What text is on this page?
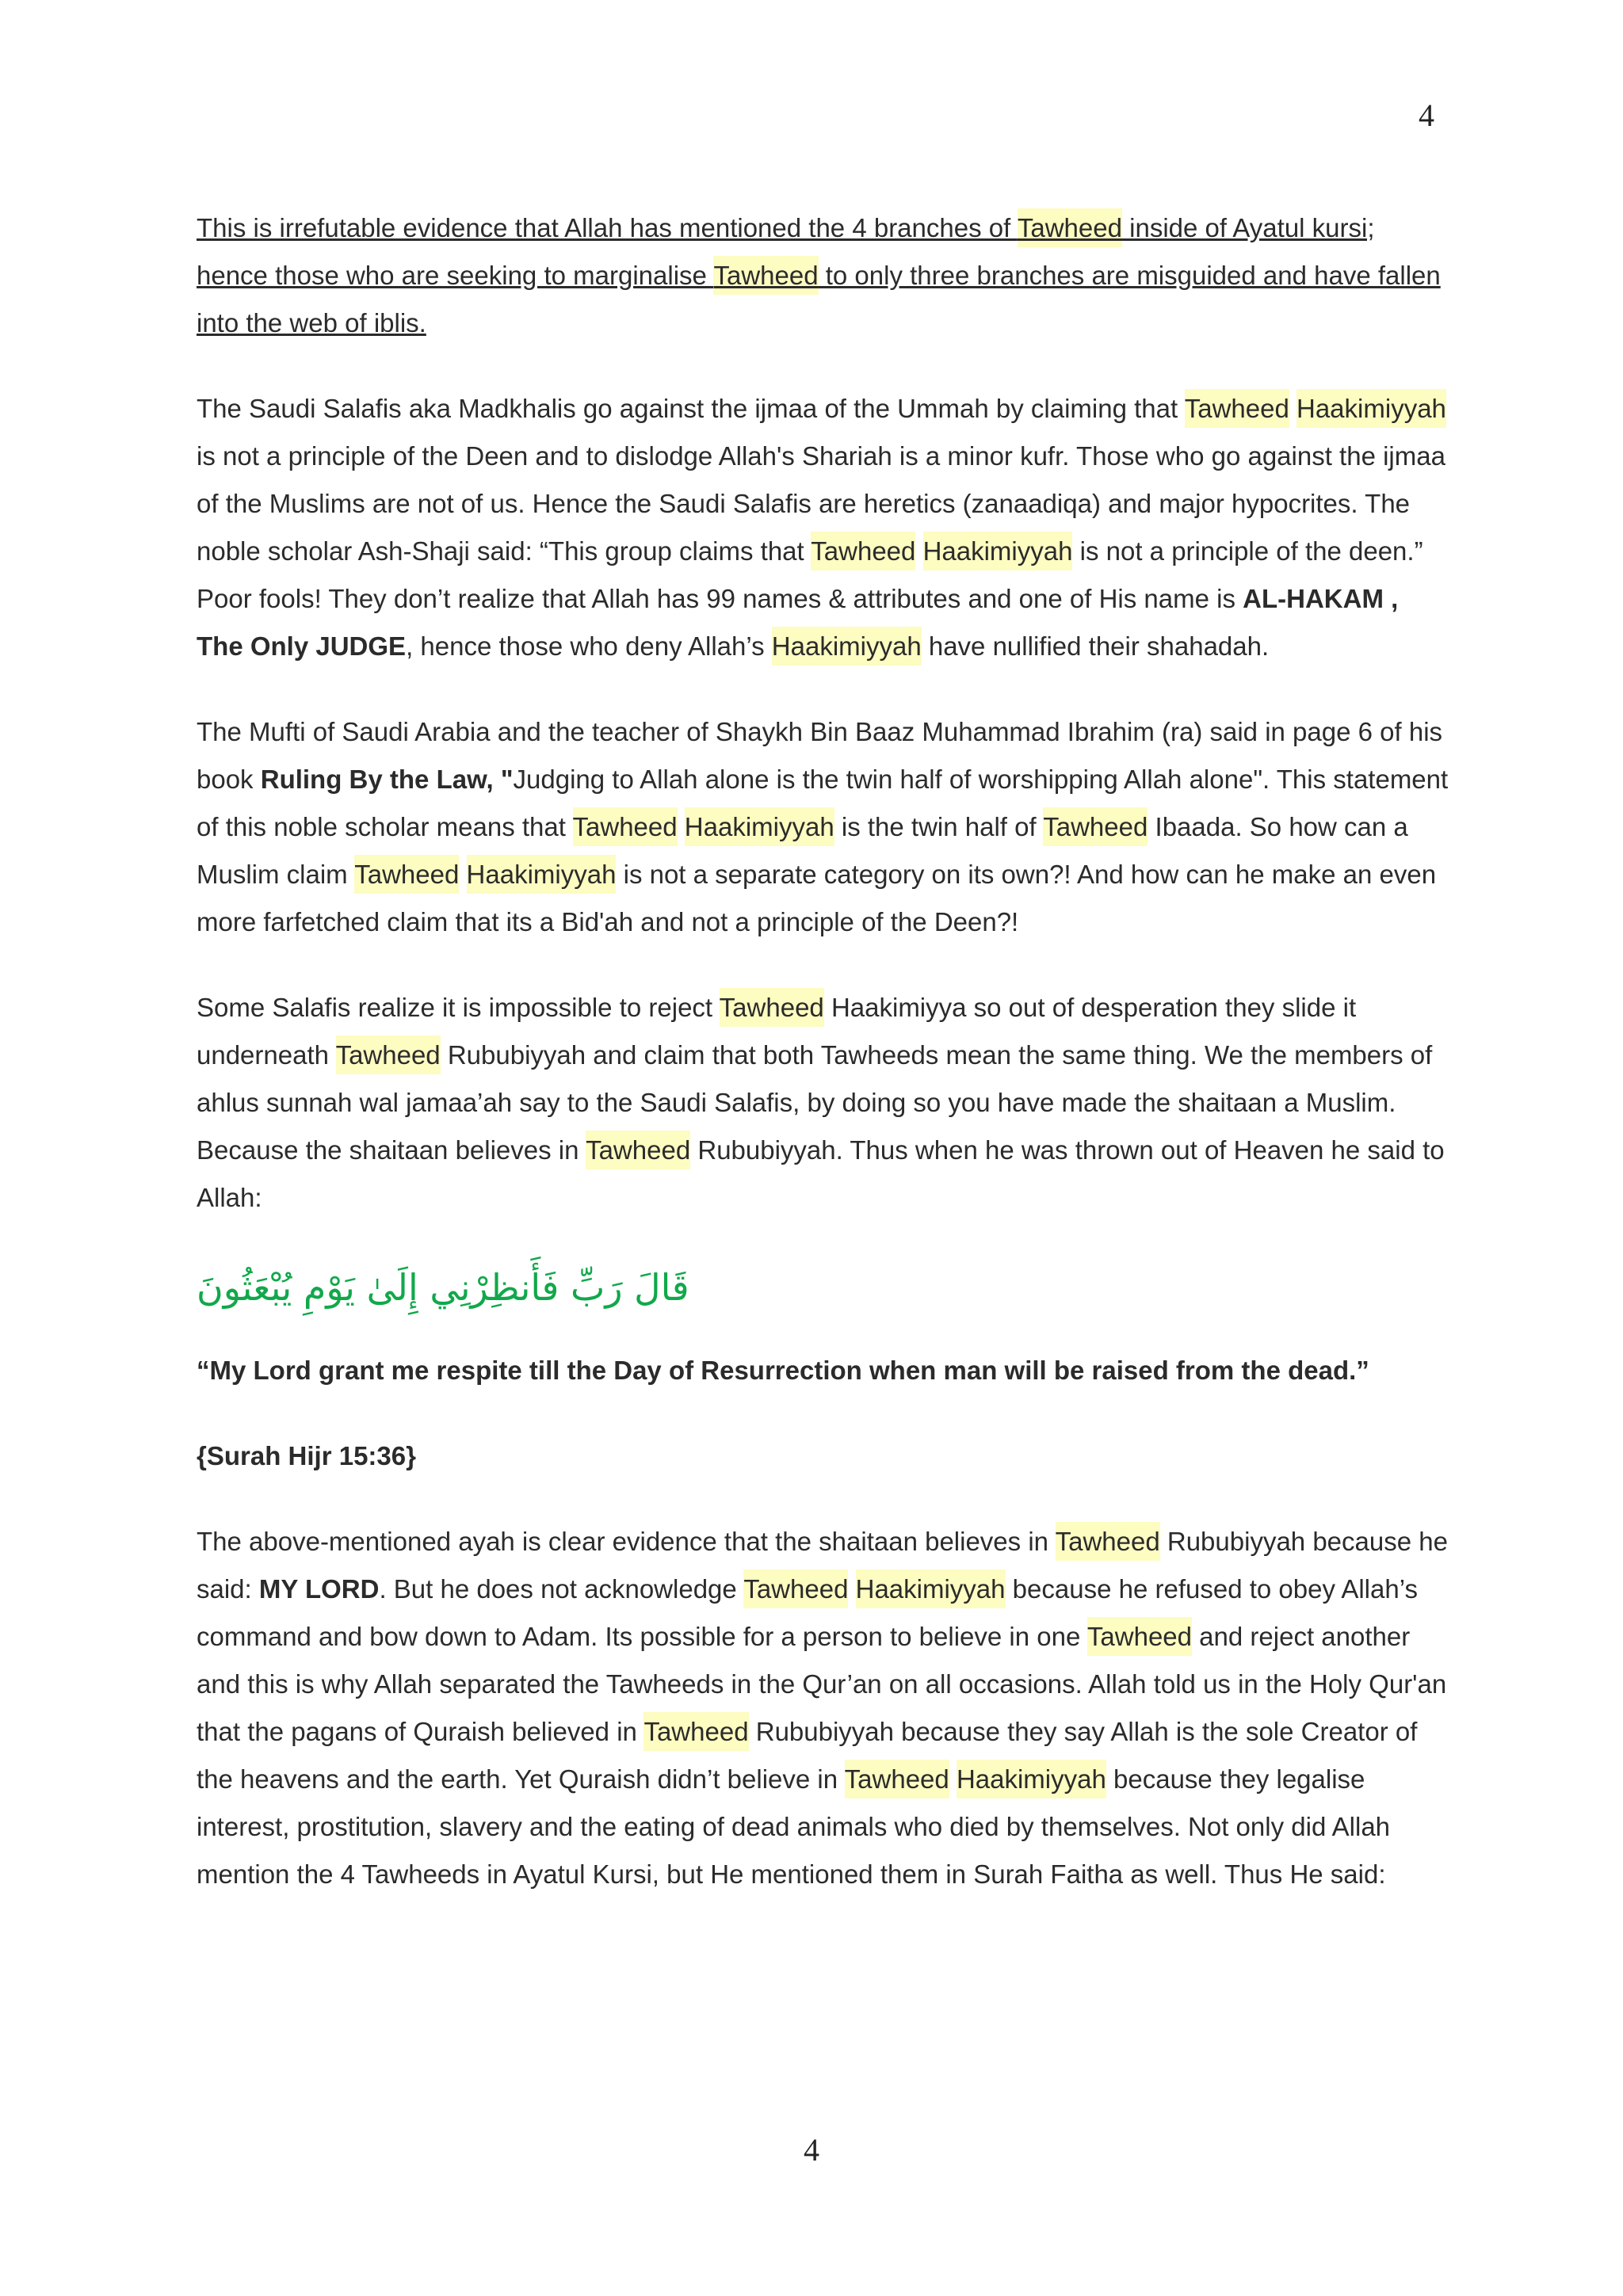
4

This is irrefutable evidence that Allah has mentioned the 4 branches of Tawheed inside of Ayatul kursi; hence those who are seeking to marginalise Tawheed to only three branches are misguided and have fallen into the web of iblis.

The Saudi Salafis aka Madkhalis go against the ijmaa of the Ummah by claiming that Tawheed Haakimiyyah is not a principle of the Deen and to dislodge Allah's Shariah is a minor kufr. Those who go against the ijmaa of the Muslims are not of us. Hence the Saudi Salafis are heretics (zanaadiqa) and major hypocrites. The noble scholar Ash-Shaji said: “This group claims that Tawheed Haakimiyyah is not a principle of the deen.” Poor fools! They don’t realize that Allah has 99 names & attributes and one of His name is AL-HAKAM , The Only JUDGE, hence those who deny Allah’s Haakimiyyah have nullified their shahadah.

The Mufti of Saudi Arabia and the teacher of Shaykh Bin Baaz Muhammad Ibrahim (ra) said in page 6 of his book Ruling By the Law, "Judging to Allah alone is the twin half of worshipping Allah alone". This statement of this noble scholar means that Tawheed Haakimiyyah is the twin half of Tawheed Ibaada. So how can a Muslim claim Tawheed Haakimiyyah is not a separate category on its own?! And how can he make an even more farfetched claim that its a Bid'ah and not a principle of the Deen?!

Some Salafis realize it is impossible to reject Tawheed Haakimiyya so out of desperation they slide it underneath Tawheed Rububiyyah and claim that both Tawheeds mean the same thing. We the members of ahlus sunnah wal jamaa’ah say to the Saudi Salafis, by doing so you have made the shaitaan a Muslim. Because the shaitaan believes in Tawheed Rububiyyah. Thus when he was thrown out of Heaven he said to Allah:

قَالَ رَبِّ فَأَنظِرْنِي إِلَىٰ يَوْمِ يُبْعَثُونَ

“My Lord grant me respite till the Day of Resurrection when man will be raised from the dead.”

{Surah Hijr 15:36}

The above-mentioned ayah is clear evidence that the shaitaan believes in Tawheed Rububiyyah because he said: MY LORD. But he does not acknowledge Tawheed Haakimiyyah because he refused to obey Allah’s command and bow down to Adam. Its possible for a person to believe in one Tawheed and reject another and this is why Allah separated the Tawheeds in the Qur’an on all occasions. Allah told us in the Holy Qur'an that the pagans of Quraish believed in Tawheed Rububiyyah because they say Allah is the sole Creator of the heavens and the earth. Yet Quraish didn’t believe in Tawheed Haakimiyyah because they legalise interest, prostitution, slavery and the eating of dead animals who died by themselves. Not only did Allah mention the 4 Tawheeds in Ayatul Kursi, but He mentioned them in Surah Faitha as well. Thus He said:

4
